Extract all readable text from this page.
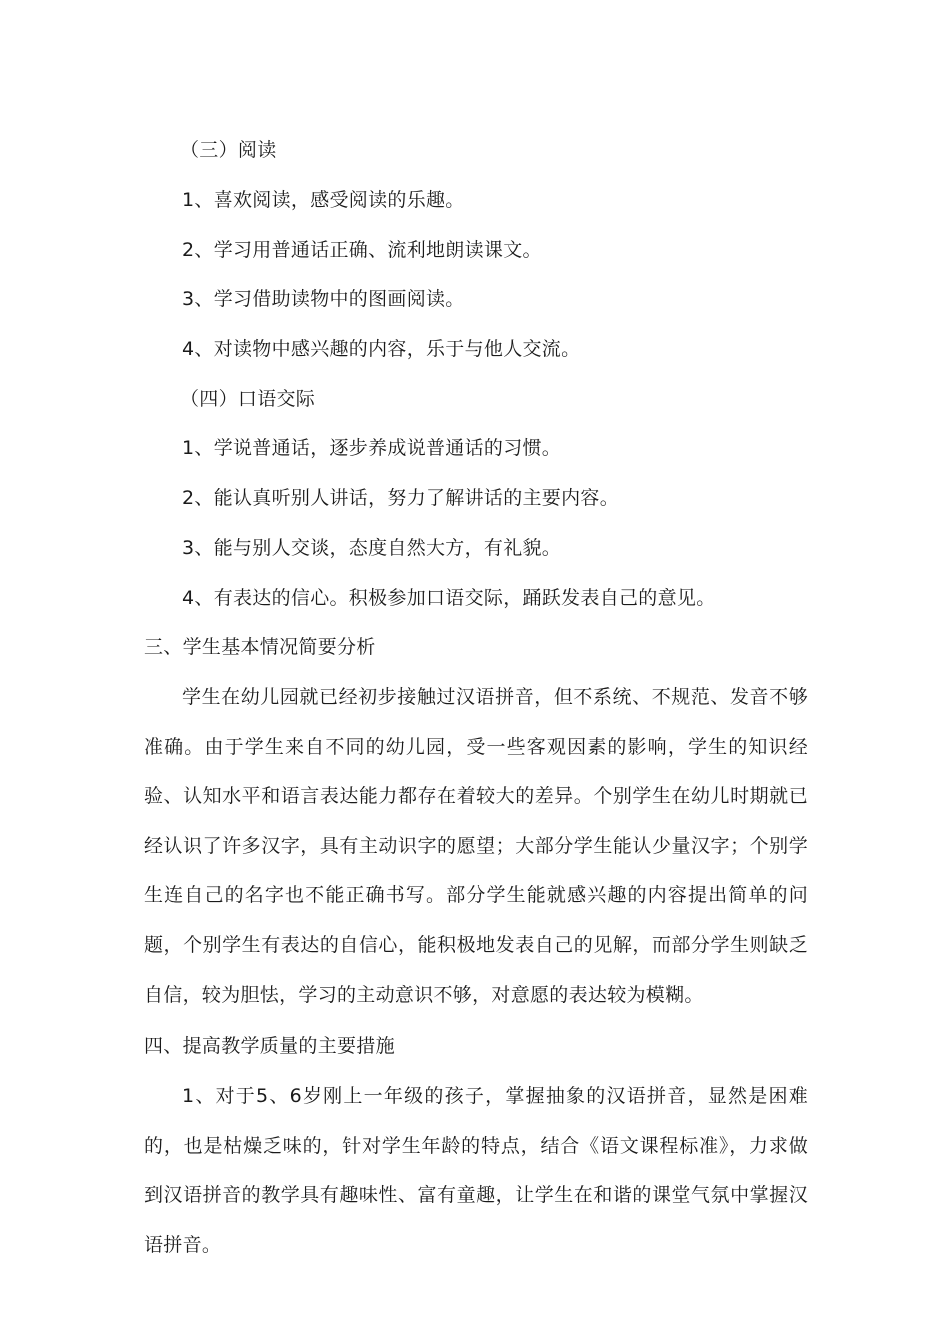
（三）阅读
1、喜欢阅读，感受阅读的乐趣。
2、学习用普通话正确、流利地朗读课文。
3、学习借助读物中的图画阅读。
4、对读物中感兴趣的内容，乐于与他人交流。
（四）口语交际
1、学说普通话，逐步养成说普通话的习惯。
2、能认真听别人讲话，努力了解讲话的主要内容。
3、能与别人交谈，态度自然大方，有礼貌。
4、有表达的信心。积极参加口语交际，踊跃发表自己的意见。
三、学生基本情况简要分析
学生在幼儿园就已经初步接触过汉语拼音，但不系统、不规范、发音不够准确。由于学生来自不同的幼儿园，受一些客观因素的影响，学生的知识经验、认知水平和语言表达能力都存在着较大的差异。个别学生在幼儿时期就已经认识了许多汉字，具有主动识字的愿望；大部分学生能认少量汉字；个别学生连自己的名字也不能正确书写。部分学生能就感兴趣的内容提出简单的问题，个别学生有表达的自信心，能积极地发表自己的见解，而部分学生则缺乏自信，较为胆怯，学习的主动意识不够，对意愿的表达较为模糊。
四、提高教学质量的主要措施
1、对于5、6岁刚上一年级的孩子，掌握抽象的汉语拼音，显然是困难的，也是枯燥乏味的，针对学生年龄的特点，结合《语文课程标准》，力求做到汉语拼音的教学具有趣味性、富有童趣，让学生在和谐的课堂气氛中掌握汉语拼音。
